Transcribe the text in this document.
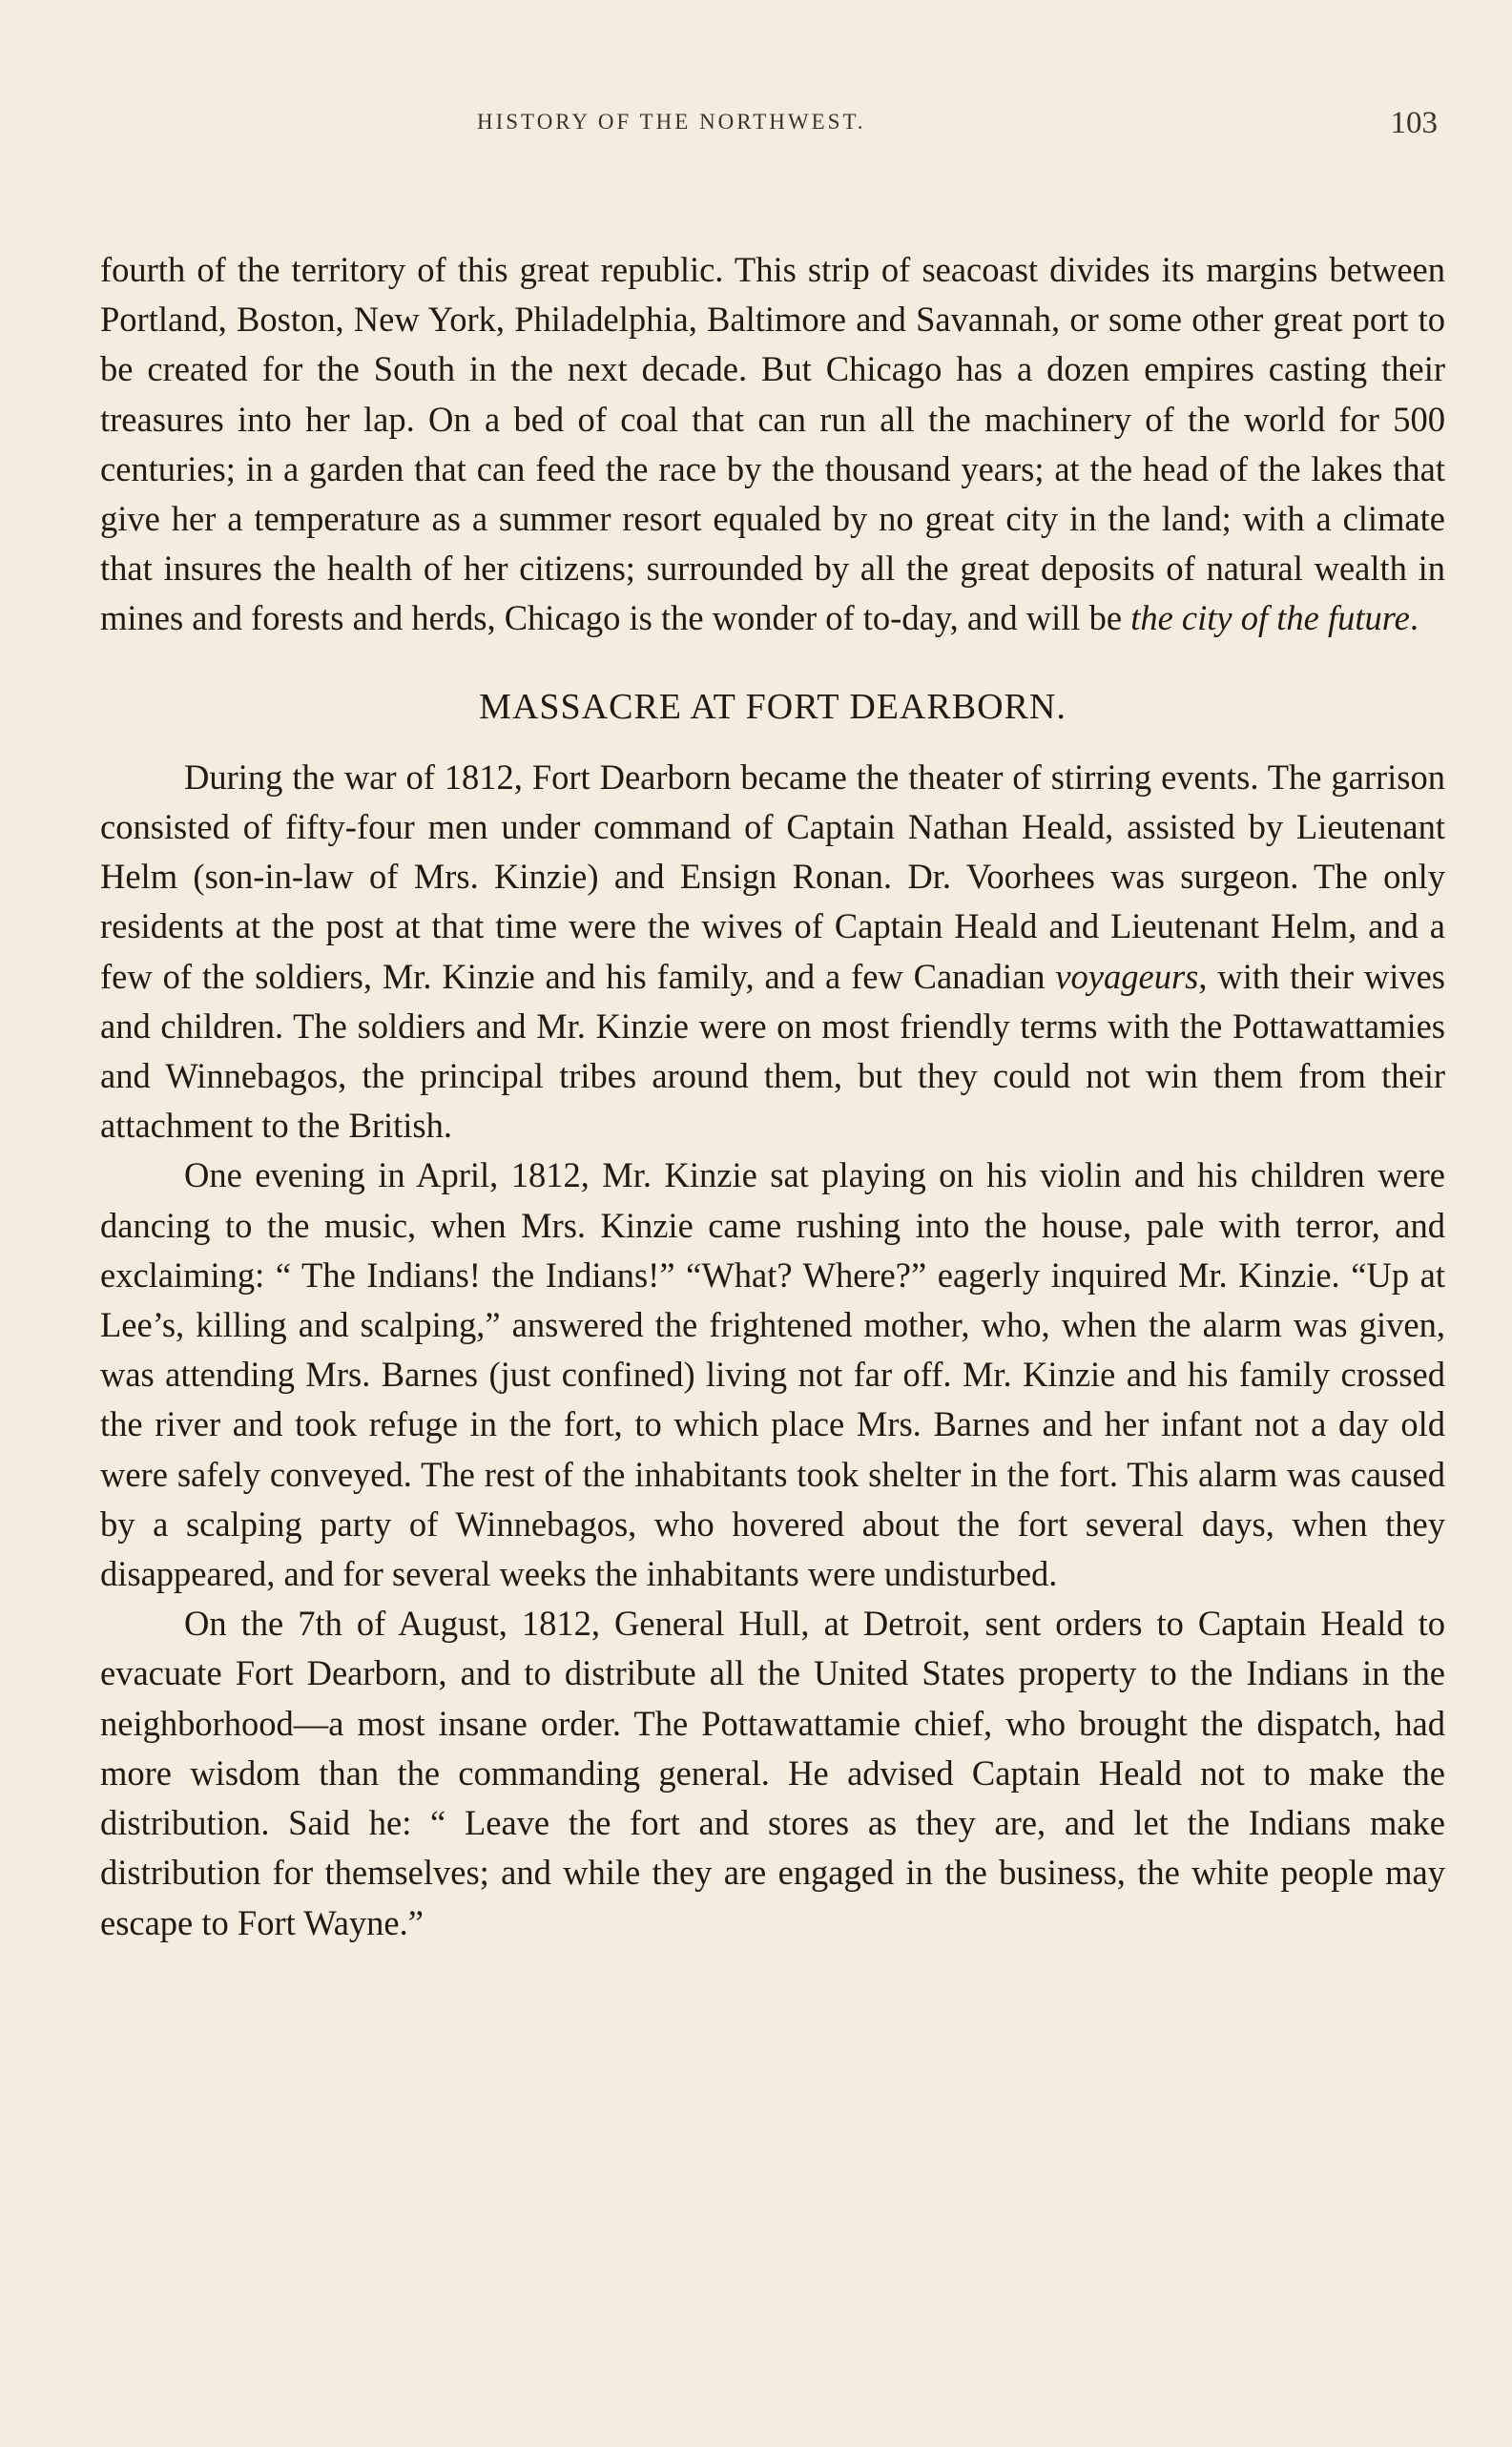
HISTORY OF THE NORTHWEST.	103

fourth of the territory of this great republic. This strip of seacoast divides its margins between Portland, Boston, New York, Philadelphia, Baltimore and Savannah, or some other great port to be created for the South in the next decade. But Chicago has a dozen empires casting their treasures into her lap. On a bed of coal that can run all the machinery of the world for 500 centuries; in a garden that can feed the race by the thousand years; at the head of the lakes that give her a temperature as a summer resort equaled by no great city in the land; with a climate that insures the health of her citizens; surrounded by all the great deposits of natural wealth in mines and forests and herds, Chicago is the wonder of to-day, and will be the city of the future.

MASSACRE AT FORT DEARBORN.

During the war of 1812, Fort Dearborn became the theater of stirring events. The garrison consisted of fifty-four men under command of Captain Nathan Heald, assisted by Lieutenant Helm (son-in-law of Mrs. Kinzie) and Ensign Ronan. Dr. Voorhees was surgeon. The only residents at the post at that time were the wives of Captain Heald and Lieutenant Helm, and a few of the soldiers, Mr. Kinzie and his family, and a few Canadian voyageurs, with their wives and children. The soldiers and Mr. Kinzie were on most friendly terms with the Pottawattamies and Winnebagos, the principal tribes around them, but they could not win them from their attachment to the British.

One evening in April, 1812, Mr. Kinzie sat playing on his violin and his children were dancing to the music, when Mrs. Kinzie came rushing into the house, pale with terror, and exclaiming: “ The Indians! the Indians!” “What? Where?” eagerly inquired Mr. Kinzie. “Up at Lee’s, killing and scalping,” answered the frightened mother, who, when the alarm was given, was attending Mrs. Barnes (just confined) living not far off. Mr. Kinzie and his family crossed the river and took refuge in the fort, to which place Mrs. Barnes and her infant not a day old were safely conveyed. The rest of the inhabitants took shelter in the fort. This alarm was caused by a scalping party of Winnebagos, who hovered about the fort several days, when they disappeared, and for several weeks the inhabitants were undisturbed.

On the 7th of August, 1812, General Hull, at Detroit, sent orders to Captain Heald to evacuate Fort Dearborn, and to distribute all the United States property to the Indians in the neighborhood—a most insane order. The Pottawattamie chief, who brought the dispatch, had more wisdom than the commanding general. He advised Captain Heald not to make the distribution. Said he: “ Leave the fort and stores as they are, and let the Indians make distribution for themselves; and while they are engaged in the business, the white people may escape to Fort Wayne.”
